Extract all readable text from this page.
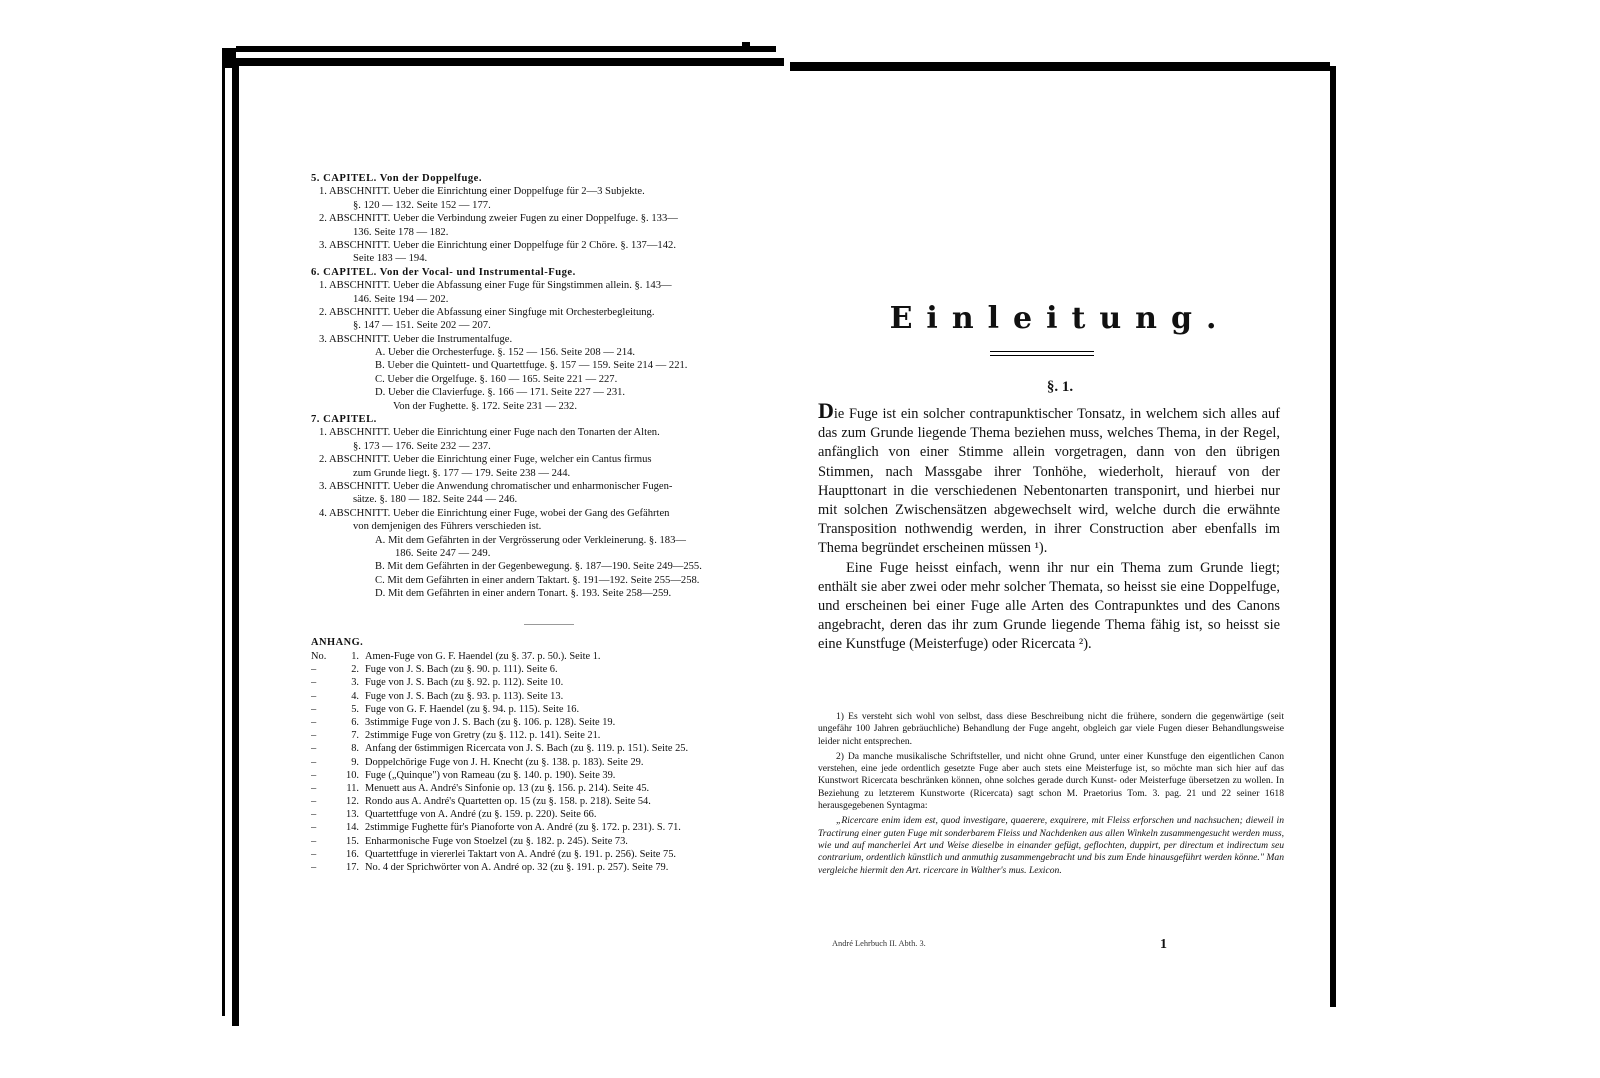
5. CAPITEL. Von der Doppelfuge.
1. ABSCHNITT. Ueber die Einrichtung einer Doppelfuge für 2—3 Subjekte.
§. 120 — 132. Seite 152 — 177.
2. ABSCHNITT. Ueber die Verbindung zweier Fugen zu einer Doppelfuge. §. 133—
136. Seite 178 — 182.
3. ABSCHNITT. Ueber die Einrichtung einer Doppelfuge für 2 Chöre. §. 137—142.
Seite 183 — 194.
6. CAPITEL. Von der Vocal- und Instrumental-Fuge.
1. ABSCHNITT. Ueber die Abfassung einer Fuge für Singstimmen allein. §. 143—
146. Seite 194 — 202.
2. ABSCHNITT. Ueber die Abfassung einer Singfuge mit Orchesterbegleitung.
§. 147 — 151. Seite 202 — 207.
3. ABSCHNITT. Ueber die Instrumentalfuge.
A. Ueber die Orchesterfuge. §. 152 — 156. Seite 208 — 214.
B. Ueber die Quintett- und Quartettfuge. §. 157 — 159. Seite 214 — 221.
C. Ueber die Orgelfuge. §. 160 — 165. Seite 221 — 227.
D. Ueber die Clavierfuge. §. 166 — 171. Seite 227 — 231.
Von der Fughette. §. 172. Seite 231 — 232.
7. CAPITEL.
1. ABSCHNITT. Ueber die Einrichtung einer Fuge nach den Tonarten der Alten.
§. 173 — 176. Seite 232 — 237.
2. ABSCHNITT. Ueber die Einrichtung einer Fuge, welcher ein Cantus firmus
zum Grunde liegt. §. 177 — 179. Seite 238 — 244.
3. ABSCHNITT. Ueber die Anwendung chromatischer und enharmonischer Fugen-
sätze. §. 180 — 182. Seite 244 — 246.
4. ABSCHNITT. Ueber die Einrichtung einer Fuge, wobei der Gang des Gefährten
von demjenigen des Führers verschieden ist.
A. Mit dem Gefährten in der Vergrösserung oder Verkleinerung. §. 183—
186. Seite 247 — 249.
B. Mit dem Gefährten in der Gegenbewegung. §. 187—190. Seite 249—255.
C. Mit dem Gefährten in einer andern Taktart. §. 191—192. Seite 255—258.
D. Mit dem Gefährten in einer andern Tonart. §. 193. Seite 258—259.
ANHANG.
No.	1. Amen-Fuge von G. F. Haendel (zu §. 37. p. 50.). Seite 1.
–	2. Fuge von J. S. Bach (zu §. 90. p. 111). Seite 6.
–	3. Fuge von J. S. Bach (zu §. 92. p. 112). Seite 10.
–	4. Fuge von J. S. Bach (zu §. 93. p. 113). Seite 13.
–	5. Fuge von G. F. Haendel (zu §. 94. p. 115). Seite 16.
–	6. 3stimmige Fuge von J. S. Bach (zu §. 106. p. 128). Seite 19.
–	7. 2stimmige Fuge von Gretry (zu §. 112. p. 141). Seite 21.
–	8. Anfang der 6stimmigen Ricercata von J. S. Bach (zu §. 119. p. 151). Seite 25.
–	9. Doppelchörige Fuge von J. H. Knecht (zu §. 138. p. 183). Seite 29.
–	10. Fuge („Quinque") von Rameau (zu §. 140. p. 190). Seite 39.
–	11. Menuett aus A. André's Sinfonie op. 13 (zu §. 156. p. 214). Seite 45.
–	12. Rondo aus A. André's Quartetten op. 15 (zu §. 158. p. 218). Seite 54.
–	13. Quartettfuge von A. André (zu §. 159. p. 220). Seite 66.
–	14. 2stimmige Fughette für's Pianoforte von A. André (zu §. 172. p. 231). S. 71.
–	15. Enharmonische Fuge von Stoelzel (zu §. 182. p. 245). Seite 73.
–	16. Quartettfuge in viererlei Taktart von A. André (zu §. 191. p. 256). Seite 75.
–	17. No. 4 der Sprichwörter von A. André op. 32 (zu §. 191. p. 257). Seite 79.
Einleitung.
§. 1.

Die Fuge ist ein solcher contrapunktischer Tonsatz, in welchem sich alles auf das zum Grunde liegende Thema beziehen muss, welches Thema, in der Regel, anfänglich von einer Stimme allein vorgetragen, dann von den übrigen Stimmen, nach Massgabe ihrer Tonhöhe, wiederholt, hierauf von der Haupttonart in die verschiedenen Nebentonarten transponirt, und hierbei nur mit solchen Zwischensätzen abgewechselt wird, welche durch die erwähnte Transposition nothwendig werden, in ihrer Construction aber ebenfalls im Thema begründet erscheinen müssen ¹).

Eine Fuge heisst einfach, wenn ihr nur ein Thema zum Grunde liegt; enthält sie aber zwei oder mehr solcher Themata, so heisst sie eine Doppelfuge, und erscheinen bei einer Fuge alle Arten des Contrapunktes und des Canons angebracht, deren das ihr zum Grunde liegende Thema fähig ist, so heisst sie eine Kunstfuge (Meisterfuge) oder Ricercata ²).

1) Es versteht sich wohl von selbst, dass diese Beschreibung nicht die frühere, sondern die gegenwärtige (seit ungefähr 100 Jahren gebräuchliche) Behandlung der Fuge angeht, obgleich gar viele Fugen dieser Behandlungsweise leider nicht entsprechen.

2) Da manche musikalische Schriftsteller, und nicht ohne Grund, unter einer Kunstfuge den eigentlichen Canon verstehen, eine jede ordentlich gesetzte Fuge aber auch stets eine Meisterfuge ist, so möchte man sich hier auf das Kunstwort Ricercata beschränken können, ohne solches gerade durch Kunst- oder Meisterfuge übersetzen zu wollen. In Beziehung zu letzterem Kunstworte (Ricercata) sagt schon M. Praetorius Tom. 3. pag. 21 und 22 seiner 1618 herausgegebenen Syntagma:

„Ricercare enim idem est, quod investigare, quaerere, exquirere, mit Fleiss erforschen und nachsuchen; dieweil in Tractirung einer guten Fuge mit sonderbarem Fleiss und Nachdenken aus allen Winkeln zusammengesucht werden muss, wie und auf mancherlei Art und Weise dieselbe in einander gefügt, geflochten, duppirt, per directum et indirectum seu contrarium, ordentlich künstlich und anmuthig zusammengebracht und bis zum Ende hinausgeführt werden könne." Man vergleiche hiermit den Art. ricercare in Walther's mus. Lexicon.

André Lehrbuch II. Abth. 3.	1
